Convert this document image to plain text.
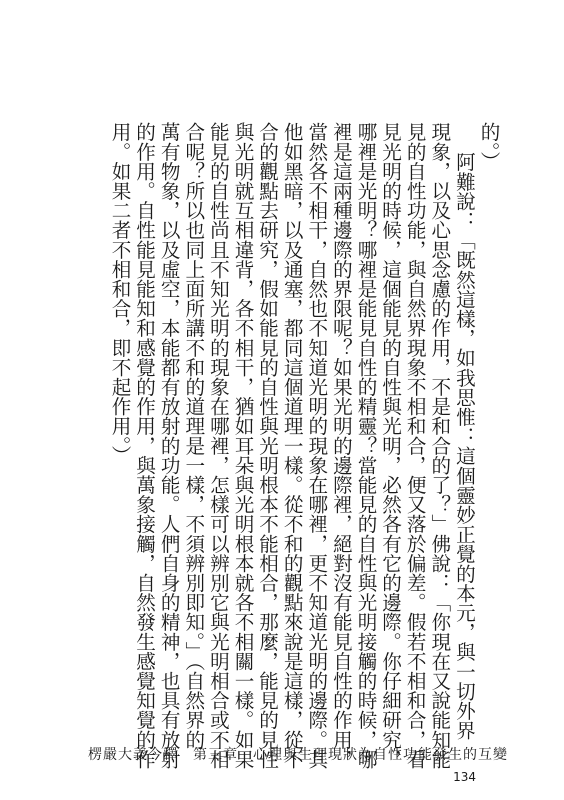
的。）
阿難說：「既然這樣，如我思惟：這個靈妙正覺的本元，與一切外界
現象，以及心思念慮的作用，不是和合的了？」佛說：「你現在又說能知能
見的自性功能，與自然界現象不相和合，便又落於偏差。假若不相和合，看
見光明的時候，這個能見的自性與光明，必然各有它的邊際。你仔細研究，
哪裡是光明？哪裡是能見自性的精靈？當能見的自性與光明接觸的時候，哪
裡是這兩種邊際的界限呢？如果光明的邊際裡，絕對沒有能見自性的作用，
當然各不相干，自然也不知道光明的現象在哪裡，更不知道光明的邊際。其
他如黑暗，以及通塞，都同這個道理一樣。從不和的觀點來說是這樣，從不
合的觀點去研究，假如能見的自性與光明根本不能相合，那麼，能見的見性
與光明就互相違背，各不相干，猶如耳朵與光明根本就各不相關一樣。如果
能見的自性尚且不知光明的現象在哪裡，怎樣可以辨別它與光明相合或不相
合呢？所以也同上面所講不和的道理是一樣，不須辨別即知。」（自然界的
萬有物象，以及虛空，本能都有放射的功能。人們自身的精神，也具有放射
的作用。自性能見能知和感覺的作用，與萬象接觸，自然發生感覺知覺的作
用。如果二者不相和合，即不起作用。）
楞嚴大義今釋　第三章　心理與生理現狀為自性功能發生的互變
134
